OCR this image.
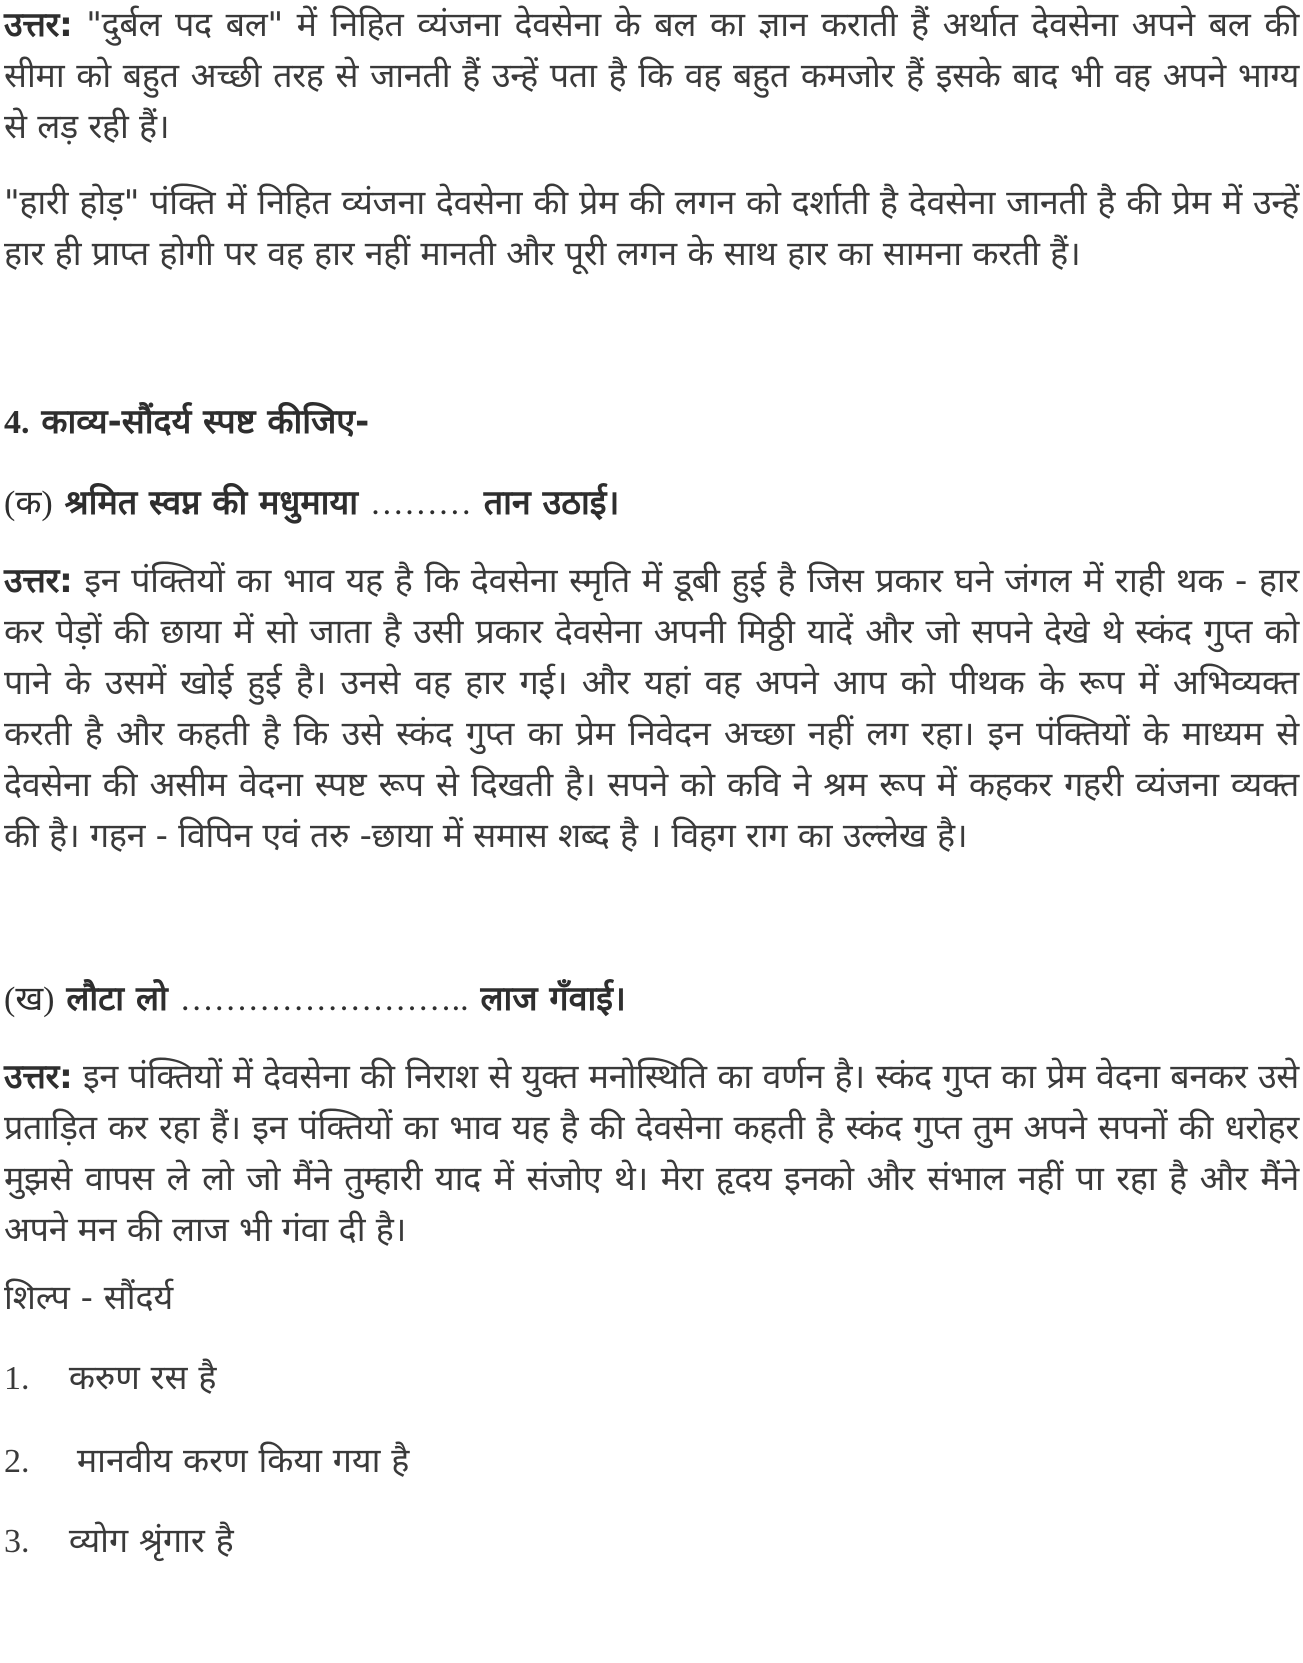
उत्तर: "दुर्बल पद बल" में निहित व्यंजना देवसेना के बल का ज्ञान कराती हैं अर्थात देवसेना अपने बल की सीमा को बहुत अच्छी तरह से जानती हैं उन्हें पता है कि वह बहुत कमजोर हैं इसके बाद भी वह अपने भाग्य से लड़ रही हैं।

"हारी होड़" पंक्ति में निहित व्यंजना देवसेना की प्रेम की लगन को दर्शाती है देवसेना जानती है की प्रेम में उन्हें हार ही प्राप्त होगी पर वह हार नहीं मानती और पूरी लगन के साथ हार का सामना करती हैं।

4. काव्य-सौंदर्य स्पष्ट कीजिए-

(क) श्रमित स्वप्न की मधुमाया ……… तान उठाई।

उत्तर: इन पंक्तियों का भाव यह है कि देवसेना स्मृति में डूबी हुई है जिस प्रकार घने जंगल में राही थक - हार कर पेड़ों की छाया में सो जाता है उसी प्रकार देवसेना अपनी मिठ्ठी यादें और जो सपने देखे थे स्कंद गुप्त को पाने के उसमें खोई हुई है। उनसे वह हार गई। और यहां वह अपने आप को पीथक के रूप में अभिव्यक्त करती है और कहती है कि उसे स्कंद गुप्त का प्रेम निवेदन अच्छा नहीं लग रहा। इन पंक्तियों के माध्यम से देवसेना की असीम वेदना स्पष्ट रूप से दिखती है। सपने को कवि ने श्रम रूप में कहकर गहरी व्यंजना व्यक्त की है। गहन - विपिन एवं तरु -छाया में समास शब्द है । विहग राग का उल्लेख है।

(ख) लौटा लो …………………….. लाज गँवाई।

उत्तर: इन पंक्तियों में देवसेना की निराश से युक्त मनोस्थिति का वर्णन है। स्कंद गुप्त का प्रेम वेदना बनकर उसे प्रताड़ित कर रहा हैं। इन पंक्तियों का भाव यह है की देवसेना कहती है स्कंद गुप्त तुम अपने सपनों की धरोहर मुझसे वापस ले लो जो मैंने तुम्हारी याद में संजोए थे। मेरा हृदय इनको और संभाल नहीं पा रहा है और मैंने अपने मन की लाज भी गंवा दी है।

शिल्प - सौंदर्य

1. करुण रस है

2. मानवीय करण किया गया है

3. व्योग श्रृंगार है
